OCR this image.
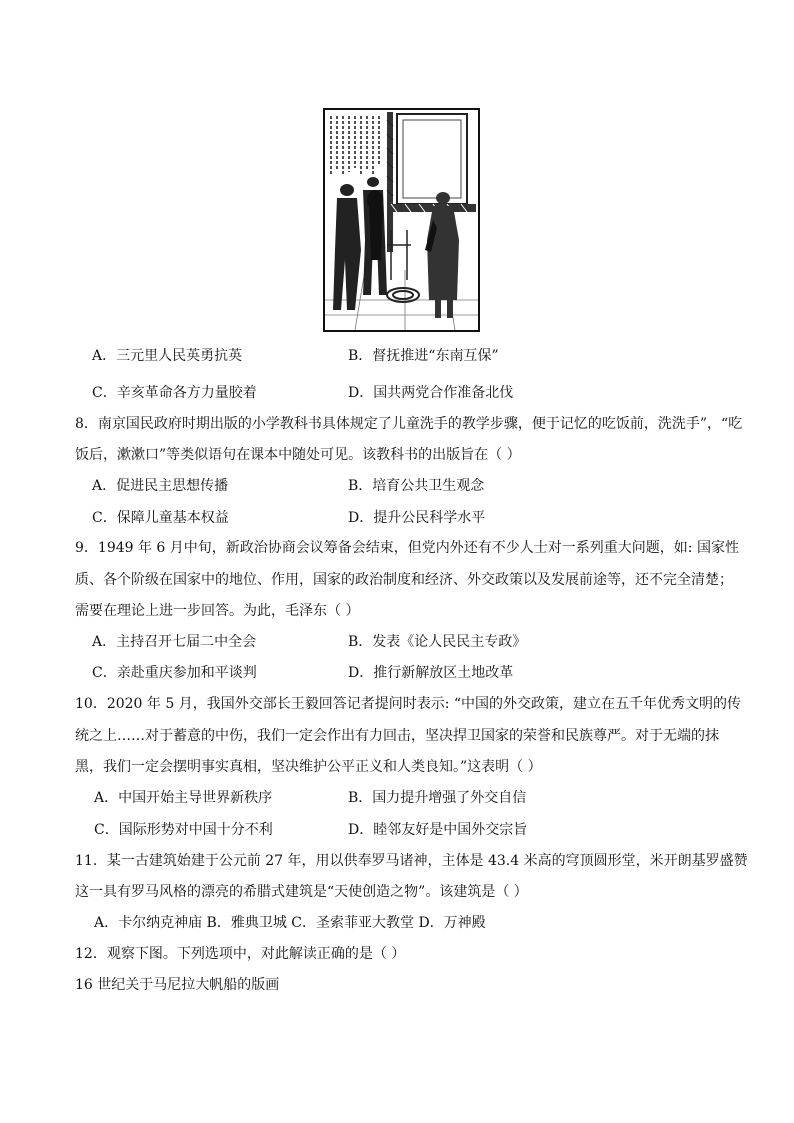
A．三元里人民英勇抗英	B．督抚推进“东南互保”
C．辛亥革命各方力量胶着	D．国共两党合作准备北伐
8．南京国民政府时期出版的小学教科书具体规定了儿童洗手的教学步骤，便于记忆的吃饭前，洗洗手”，“吃
饭后，漱漱口”等类似语句在课本中随处可见。该教科书的出版旨在（ ）
A．促进民主思想传播	B．培育公共卫生观念
C．保障儿童基本权益	D．提升公民科学水平
9．1949 年 6 月中旬，新政治协商会议筹备会结束，但党内外还有不少人士对一系列重大问题，如: 国家性
质、各个阶级在国家中的地位、作用，国家的政治制度和经济、外交政策以及发展前途等，还不完全清楚；
需要在理论上进一步回答。为此，毛泽东（ ）
A．主持召开七届二中全会	B．发表《论人民民主专政》
C．亲赴重庆参加和平谈判	D．推行新解放区土地改革
10．2020 年 5 月，我国外交部长王毅回答记者提问时表示: “中国的外交政策，建立在五千年优秀文明的传
统之上……对于蓄意的中伤，我们一定会作出有力回击，坚决捍卫国家的荣誉和民族尊严。对于无端的抹
黑，我们一定会摆明事实真相，坚决维护公平正义和人类良知。”这表明（ ）
A．中国开始主导世界新秩序	B．国力提升增强了外交自信
C．国际形势对中国十分不利	D．睦邻友好是中国外交宗旨
11．某一古建筑始建于公元前 27 年，用以供奉罗马诸神，主体是 43.4 米高的穹顶圆形堂，米开朗基罗盛赞
这一具有罗马风格的漂亮的希腊式建筑是“天使创造之物”。该建筑是（ ）
A．卡尔纳克神庙 B．雅典卫城 C．圣索菲亚大教堂 D．万神殿
12．观察下图。下列选项中，对此解读正确的是（ ）
16 世纪关于马尼拉大帆船的版画
